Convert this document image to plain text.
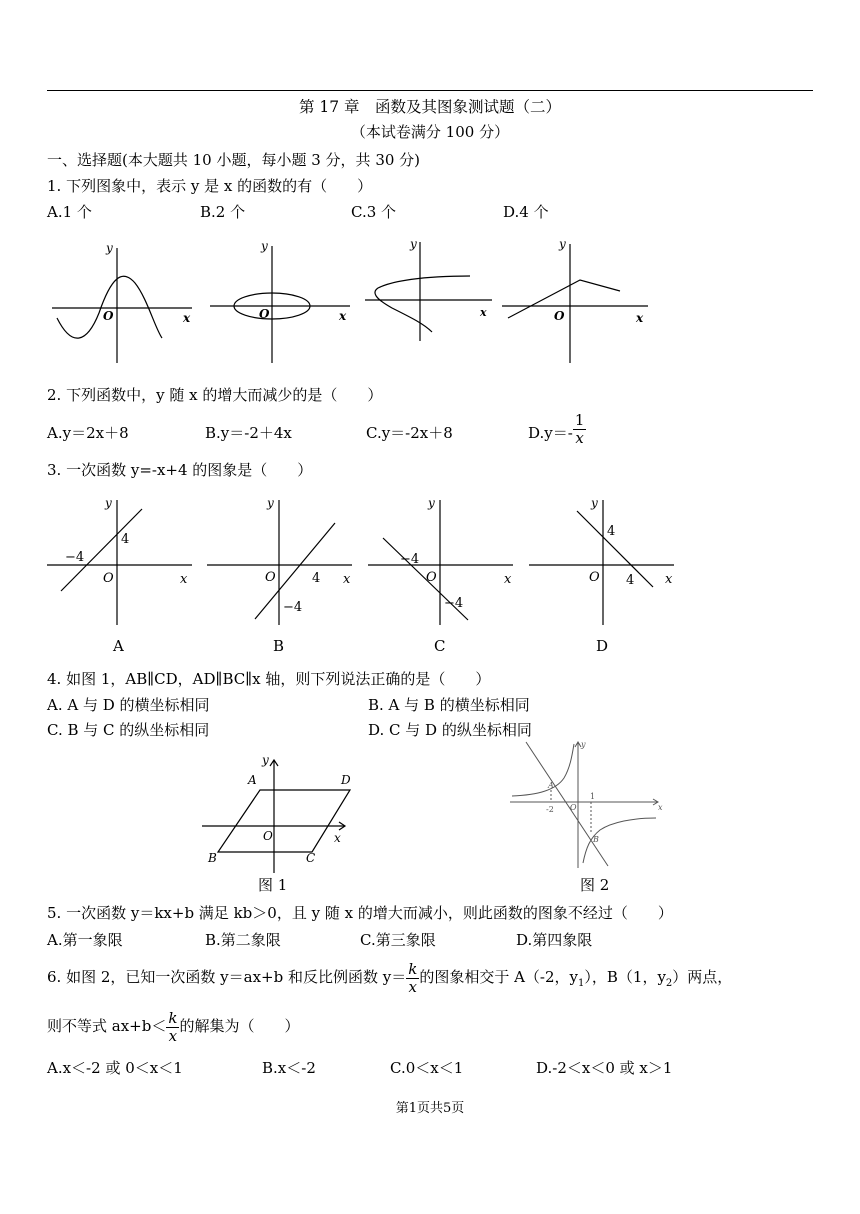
第 17 章　函数及其图象测试题（二）
（本试卷满分 100 分）
一、选择题(本大题共 10 小题，每小题 3 分，共 30 分)
1. 下列图象中，表示 y 是 x 的函数的有（　　）
A.1 个	B.2 个	C.3 个	D.4 个
y
O	x
y
O	x
y
x
y
O	x
2. 下列函数中，y 随 x 的增大而减少的是（　　）
A.y＝2x＋8	B.y＝-2＋4x	C.y＝-2x＋8	$D.y=- \frac{1}{x}$
3. 一次函数 y=-x+4 的图象是（　　）
y
4
−4
O	x
A
y
O	4 x
−4
B
y
−4
O	x
−4
C
y
4
O 4 x
D
4. 如图 1，AB∥CD，AD∥BC∥x 轴，则下列说法正确的是（　　）
A. A 与 D 的横坐标相同	B. A 与 B 的横坐标相同
C. B 与 C 的纵坐标相同	D. C 与 D 的纵坐标相同
y
A	D
O	x
B	C
图 1
x
y
A
-2 O
1
B
图 2
5. 一次函数 y＝kx+b 满足 kb＞0，且 y 随 x 的增大而减小，则此函数的图象不经过（　　）
A.第一象限	B.第二象限	C.第三象限	D.第四象限
6. 如图 2，已知一次函数 y＝ax+b 和反比例函数 $y= \frac{k}{x}$ 的图象相交于 A（-2，$y_1$），B（1，$y_2$）两点，
则不等式 $ax+b< \frac{k}{x}$ 的解集为（　　）
A.x＜-2 或 0＜x＜1	B.x＜-2	C.0＜x＜1	D.-2＜x＜0 或 x＞1
第1页共5页
